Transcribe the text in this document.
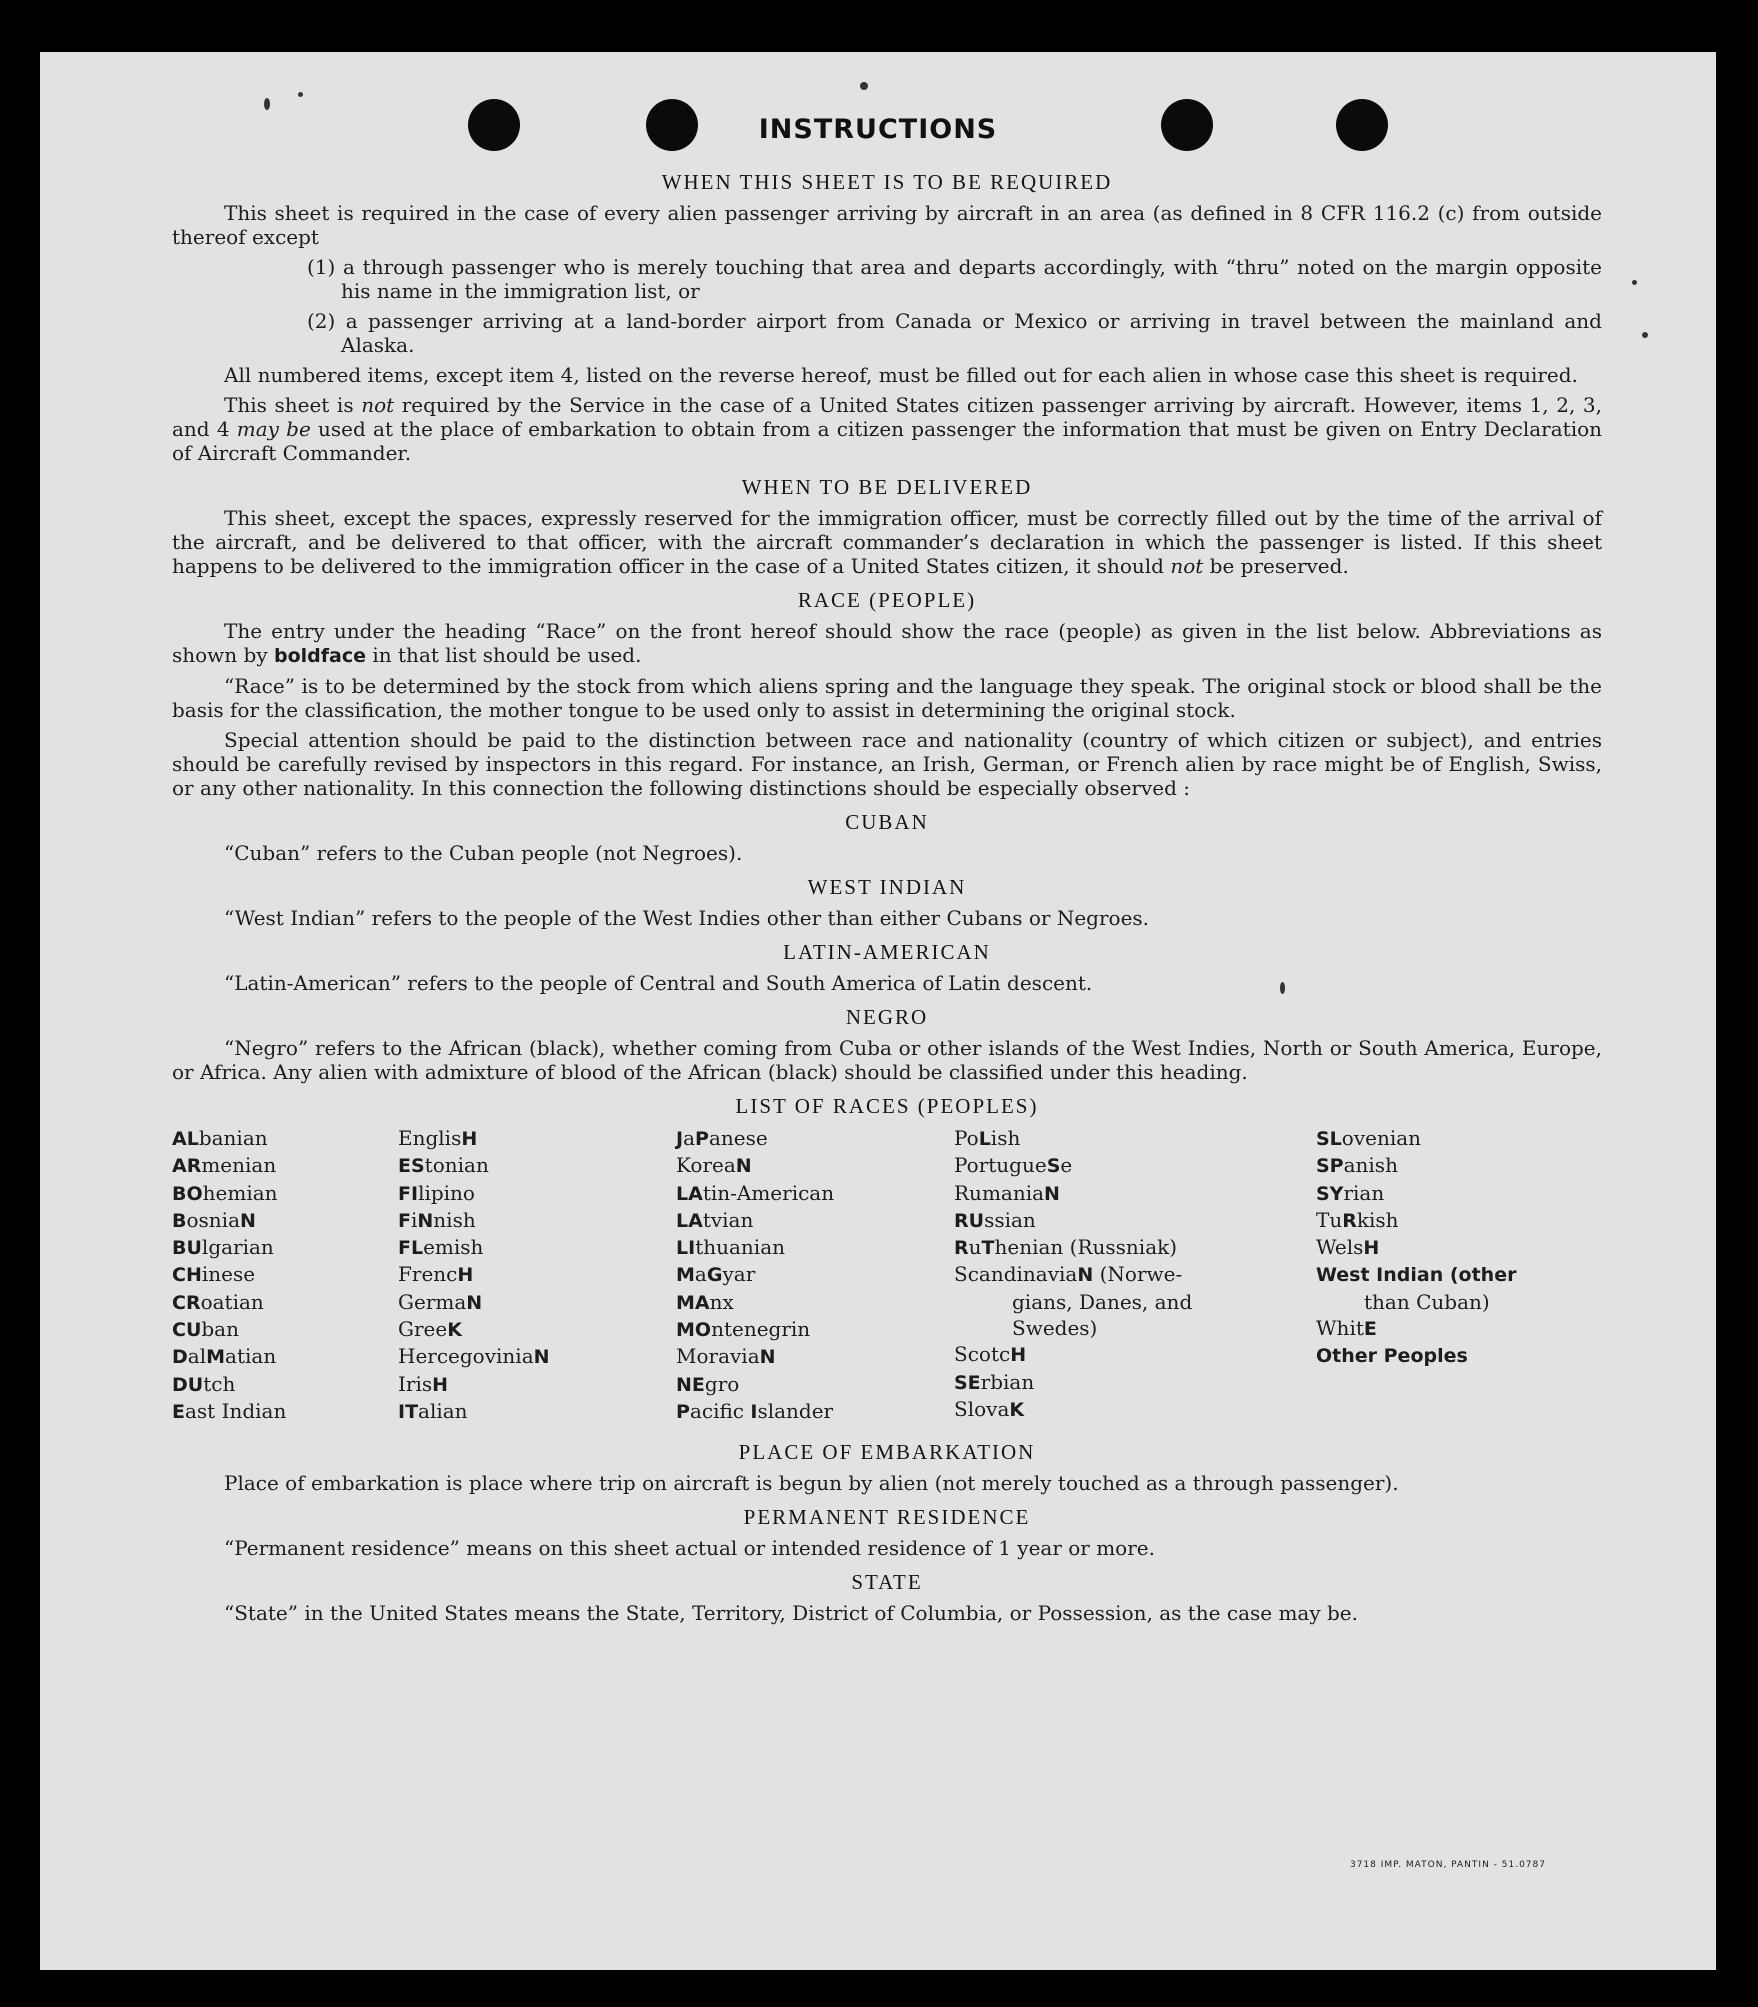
INSTRUCTIONS
WHEN THIS SHEET IS TO BE REQUIRED

This sheet is required in the case of every alien passenger arriving by aircraft in an area (as defined in 8 CFR 116.2 (c) from outside thereof except

(1) a through passenger who is merely touching that area and departs accordingly, with “thru” noted on the margin opposite his name in the immigration list, or

(2) a passenger arriving at a land-border airport from Canada or Mexico or arriving in travel between the mainland and Alaska.

All numbered items, except item 4, listed on the reverse hereof, must be filled out for each alien in whose case this sheet is required.

This sheet is not required by the Service in the case of a United States citizen passenger arriving by aircraft. However, items 1, 2, 3, and 4 may be used at the place of embarkation to obtain from a citizen passenger the information that must be given on Entry Declaration of Aircraft Commander.

WHEN TO BE DELIVERED

This sheet, except the spaces, expressly reserved for the immigration officer, must be correctly filled out by the time of the arrival of the aircraft, and be delivered to that officer, with the aircraft commander’s declaration in which the passenger is listed. If this sheet happens to be delivered to the immigration officer in the case of a United States citizen, it should not be preserved.

RACE (PEOPLE)

The entry under the heading “Race” on the front hereof should show the race (people) as given in the list below. Abbreviations as shown by boldface in that list should be used.

“Race” is to be determined by the stock from which aliens spring and the language they speak. The original stock or blood shall be the basis for the classification, the mother tongue to be used only to assist in determining the original stock.

Special attention should be paid to the distinction between race and nationality (country of which citizen or subject), and entries should be carefully revised by inspectors in this regard. For instance, an Irish, German, or French alien by race might be of English, Swiss, or any other nationality. In this connection the following distinctions should be especially observed :

CUBAN

“Cuban” refers to the Cuban people (not Negroes).

WEST INDIAN

“West Indian” refers to the people of the West Indies other than either Cubans or Negroes.

LATIN-AMERICAN

“Latin-American” refers to the people of Central and South America of Latin descent.

NEGRO

“Negro” refers to the African (black), whether coming from Cuba or other islands of the West Indies, North or South America, Europe, or Africa. Any alien with admixture of blood of the African (black) should be classified under this heading.

LIST OF RACES (PEOPLES)
ALbanian
ARmenian
BOhemian
BosniaN
BUlgarian
CHinese
CRoatian
CUban
DalMatian
DUtch
East Indian
EnglisH
EStonian
FIlipino
FiNnish
FLemish
FrencH
GermaN
GreeK
HercegoviniaN
IrisH
ITalian
JaPanese
KoreaN
LAtin-American
LAtvian
LIthuanian
MaGyar
MAnx
MOntenegrin
MoraviaN
NEgro
Pacific Islander
PoLish
PortugueSe
RumaniaN
RUssian
RuThenian (Russniak)
ScandinaviaN (Norwe-
gians, Danes, and
Swedes)
ScotcH
SErbian
SlovaK
SLovenian
SPanish
SYrian
TuRkish
WelsH
West Indian (other
than Cuban)
WhitE
Other Peoples
PLACE OF EMBARKATION

Place of embarkation is place where trip on aircraft is begun by alien (not merely touched as a through passenger).

PERMANENT RESIDENCE

“Permanent residence” means on this sheet actual or intended residence of 1 year or more.

STATE

“State” in the United States means the State, Territory, District of Columbia, or Possession, as the case may be.

3718 IMP. MATON, PANTIN - 51.0787
